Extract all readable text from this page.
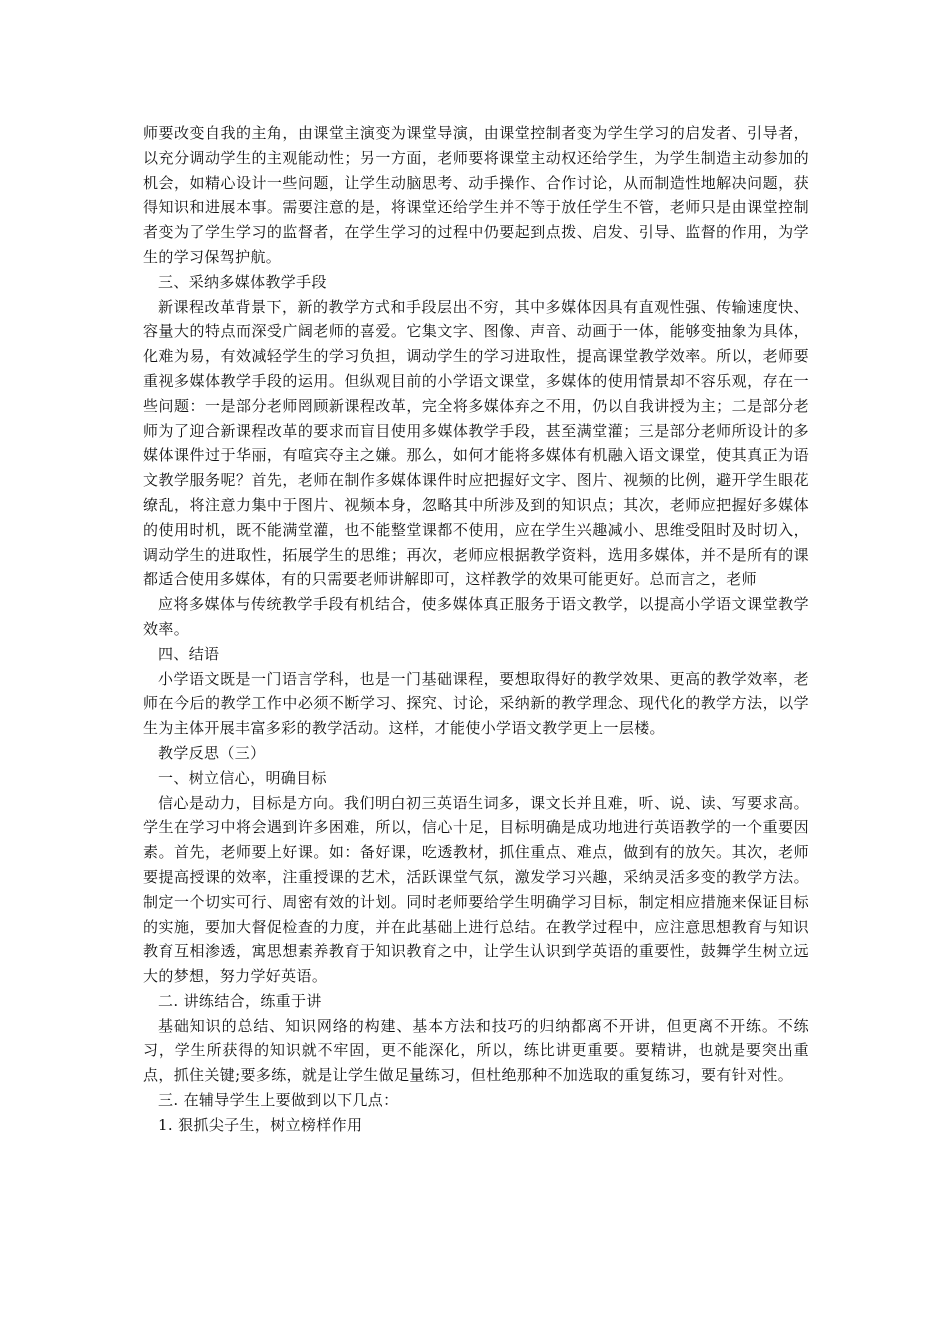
师要改变自我的主角，由课堂主演变为课堂导演，由课堂控制者变为学生学习的启发者、引导者，以充分调动学生的主观能动性；另一方面，老师要将课堂主动权还给学生，为学生制造主动参加的机会，如精心设计一些问题，让学生动脑思考、动手操作、合作讨论，从而制造性地解决问题，获得知识和进展本事。需要注意的是，将课堂还给学生并不等于放任学生不管，老师只是由课堂控制者变为了学生学习的监督者，在学生学习的过程中仍要起到点拨、启发、引导、监督的作用，为学生的学习保驾护航。

三、采纳多媒体教学手段

新课程改革背景下，新的教学方式和手段层出不穷，其中多媒体因具有直观性强、传输速度快、容量大的特点而深受广阔老师的喜爱。它集文字、图像、声音、动画于一体，能够变抽象为具体，化难为易，有效减轻学生的学习负担，调动学生的学习进取性，提高课堂教学效率。所以，老师要重视多媒体教学手段的运用。但纵观目前的小学语文课堂，多媒体的使用情景却不容乐观，存在一些问题：一是部分老师罔顾新课程改革，完全将多媒体弃之不用，仍以自我讲授为主；二是部分老师为了迎合新课程改革的要求而盲目使用多媒体教学手段，甚至满堂灌；三是部分老师所设计的多媒体课件过于华丽，有喧宾夺主之嫌。那么，如何才能将多媒体有机融入语文课堂，使其真正为语文教学服务呢？首先，老师在制作多媒体课件时应把握好文字、图片、视频的比例，避开学生眼花缭乱，将注意力集中于图片、视频本身，忽略其中所涉及到的知识点；其次，老师应把握好多媒体的使用时机，既不能满堂灌，也不能整堂课都不使用，应在学生兴趣减小、思维受阻时及时切入，调动学生的进取性，拓展学生的思维；再次，老师应根据教学资料，选用多媒体，并不是所有的课都适合使用多媒体，有的只需要老师讲解即可，这样教学的效果可能更好。总而言之，老师

应将多媒体与传统教学手段有机结合，使多媒体真正服务于语文教学，以提高小学语文课堂教学效率。

四、结语

小学语文既是一门语言学科，也是一门基础课程，要想取得好的教学效果、更高的教学效率，老师在今后的教学工作中必须不断学习、探究、讨论，采纳新的教学理念、现代化的教学方法，以学生为主体开展丰富多彩的教学活动。这样，才能使小学语文教学更上一层楼。

教学反思（三）

一、树立信心，明确目标

信心是动力，目标是方向。我们明白初三英语生词多，课文长并且难，听、说、读、写要求高。学生在学习中将会遇到许多困难，所以，信心十足，目标明确是成功地进行英语教学的一个重要因素。首先，老师要上好课。如：备好课，吃透教材，抓住重点、难点，做到有的放矢。其次，老师要提高授课的效率，注重授课的艺术，活跃课堂气氛，激发学习兴趣，采纳灵活多变的教学方法。制定一个切实可行、周密有效的计划。同时老师要给学生明确学习目标，制定相应措施来保证目标的实施，要加大督促检查的力度，并在此基础上进行总结。在教学过程中，应注意思想教育与知识教育互相渗透，寓思想素养教育于知识教育之中，让学生认识到学英语的重要性，鼓舞学生树立远大的梦想，努力学好英语。

二. 讲练结合，练重于讲

基础知识的总结、知识网络的构建、基本方法和技巧的归纳都离不开讲，但更离不开练。不练习，学生所获得的知识就不牢固，更不能深化，所以，练比讲更重要。要精讲，也就是要突出重点，抓住关键;要多练，就是让学生做足量练习，但杜绝那种不加选取的重复练习，要有针对性。

三. 在辅导学生上要做到以下几点：

1. 狠抓尖子生，树立榜样作用
